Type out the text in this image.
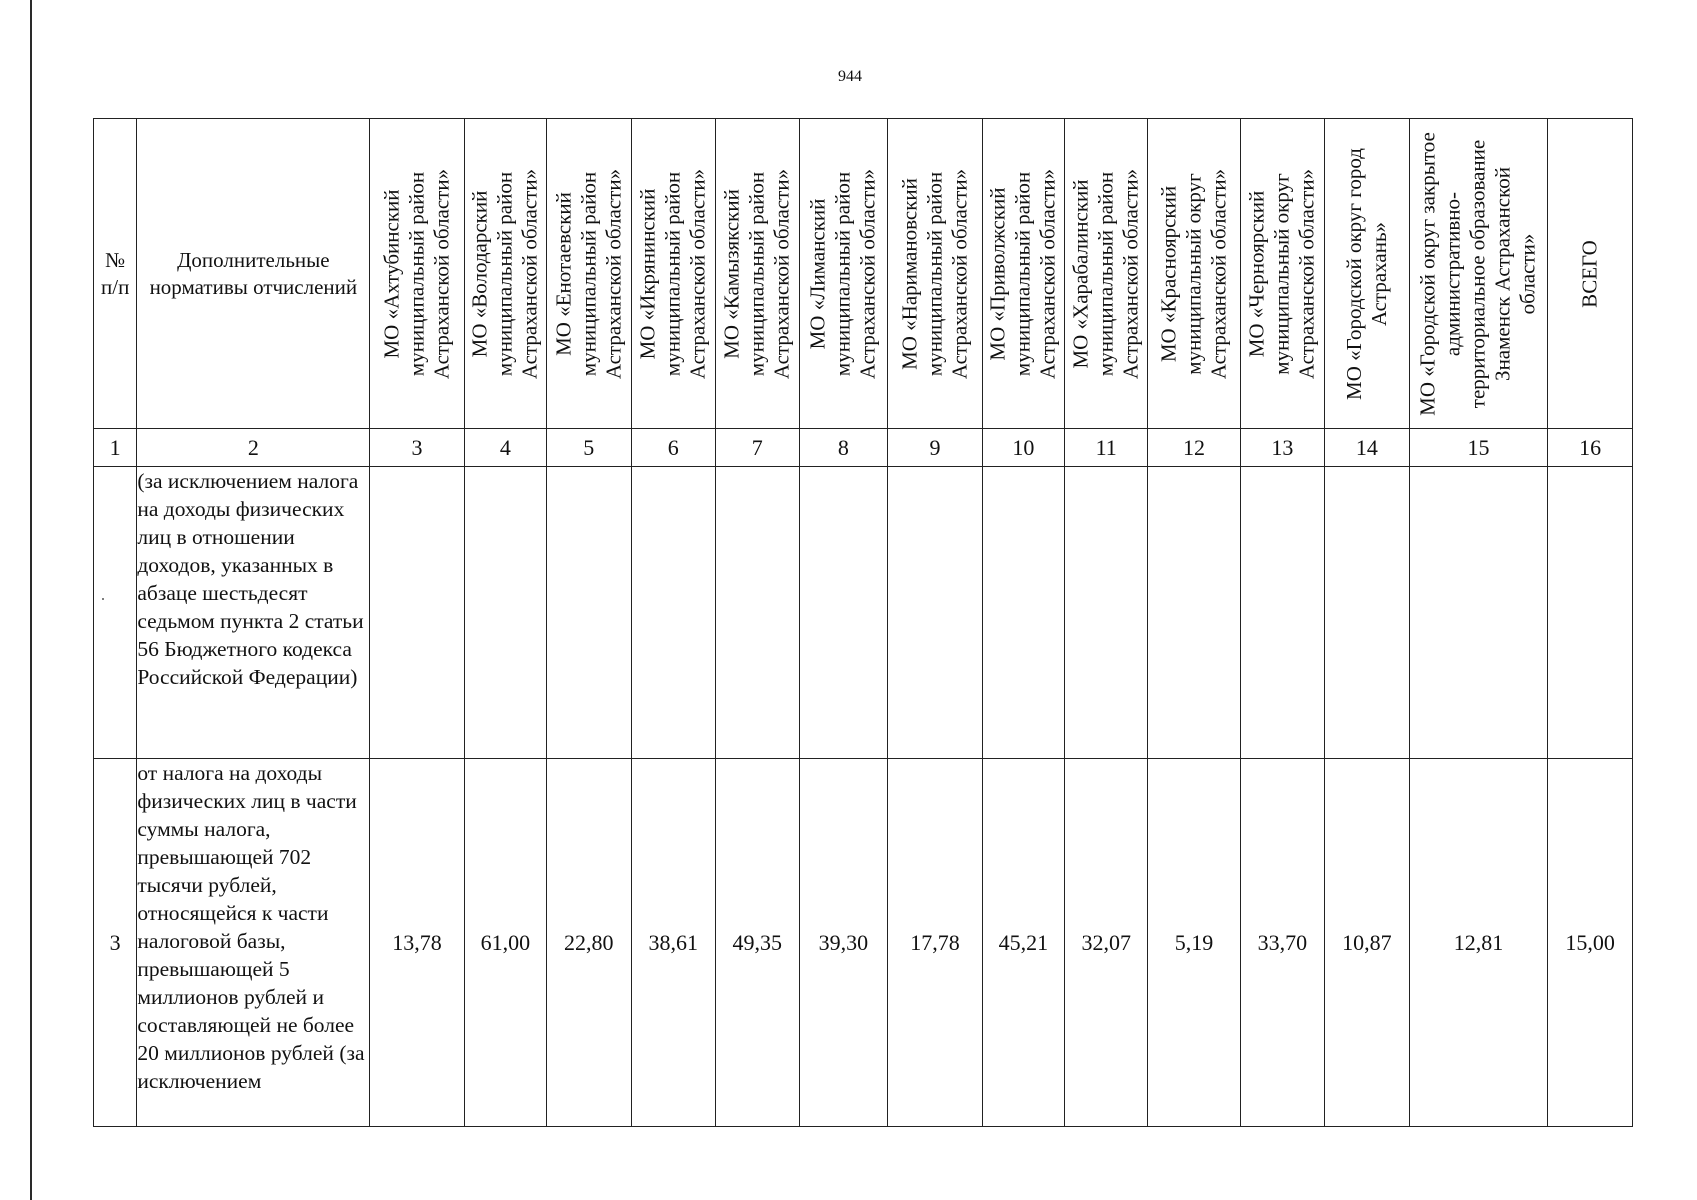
944
№ п/п	Дополнительные нормативы отчислений	МО «Ахтубинский муниципальный район Астраханской области»	МО «Володарский муниципальный район Астраханской области»	МО «Енотаевский муниципальный район Астраханской области»	МО «Икрянинский муниципальный район Астраханской области»	МО «Камызякский муниципальный район Астраханской области»	МО «Лиманский муниципальный район Астраханской области»	МО «Наримановский муниципальный район Астраханской области»	МО «Приволжский муниципальный район Астраханской области»	МО «Харабалинский муниципальный район Астраханской области»	МО «Красноярский муниципальный округ Астраханской области»	МО «Черноярский муниципальный округ Астраханской области»	МО «Городской округ город Астрахань»	МО «Городской округ закрытое административно-территориальное образование Знаменск Астраханской области»	ВСЕГО

1	2	3	4	5	6	7	8	9	10	11	12	13	14	15	16
	(за исключением налога на доходы физических лиц в отношении доходов, указанных в абзаце шестьдесят седьмом пункта 2 статьи 56 Бюджетного кодекса Российской Федерации)														
3	от налога на доходы физических лиц в части суммы налога, превышающей 702 тысячи рублей, относящейся к части налоговой базы, превышающей 5 миллионов рублей и составляющей не более 20 миллионов рублей (за исключением	13,78	61,00	22,80	38,61	49,35	39,30	17,78	45,21	32,07	5,19	33,70	10,87	12,81	15,00
